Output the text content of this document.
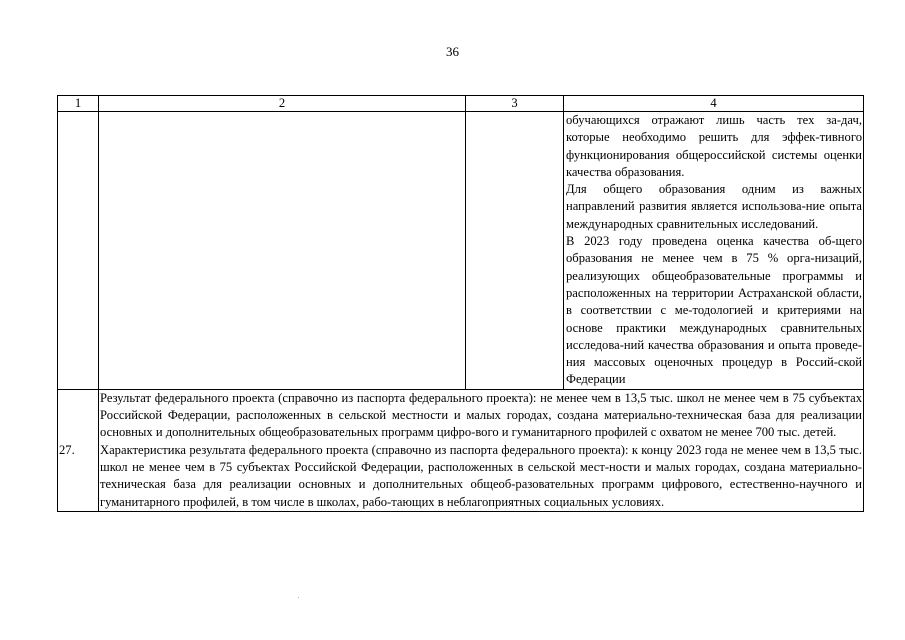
36
1	2	3	4

			обучающихся отражают лишь часть тех за-дач, которые необходимо решить для эффек-тивного функционирования общероссийской системы оценки качества образования.

Для общего образования одним из важных направлений развития является использова-ние опыта международных сравнительных исследований.

В 2023 году проведена оценка качества об-щего образования не менее чем в 75 % орга-низаций, реализующих общеобразовательные программы и расположенных на территории Астраханской области, в соответствии с ме-тодологией и критериями на основе практики международных сравнительных исследова-ний качества образования и опыта проведе-ния массовых оценочных процедур в Россий-ской Федерации

27.	Результат федерального проекта (справочно из паспорта федерального проекта): не менее чем в 13,5 тыс. школ не менее чем в 75 субъектах Российской Федерации, расположенных в сельской местности и малых городах, создана материально-техническая база для реализации основных и дополнительных общеобразовательных программ цифро-вого и гуманитарного профилей с охватом не менее 700 тыс. детей.

Характеристика результата федерального проекта (справочно из паспорта федерального проекта): к концу 2023 года не менее чем в 13,5 тыс. школ не менее чем в 75 субъектах Российской Федерации, расположенных в сельской мест-ности и малых городах, создана материально-техническая база для реализации основных и дополнительных общеоб-разовательных программ цифрового, естественно-научного и гуманитарного профилей, в том числе в школах, рабо-тающих в неблагоприятных социальных условиях.		
